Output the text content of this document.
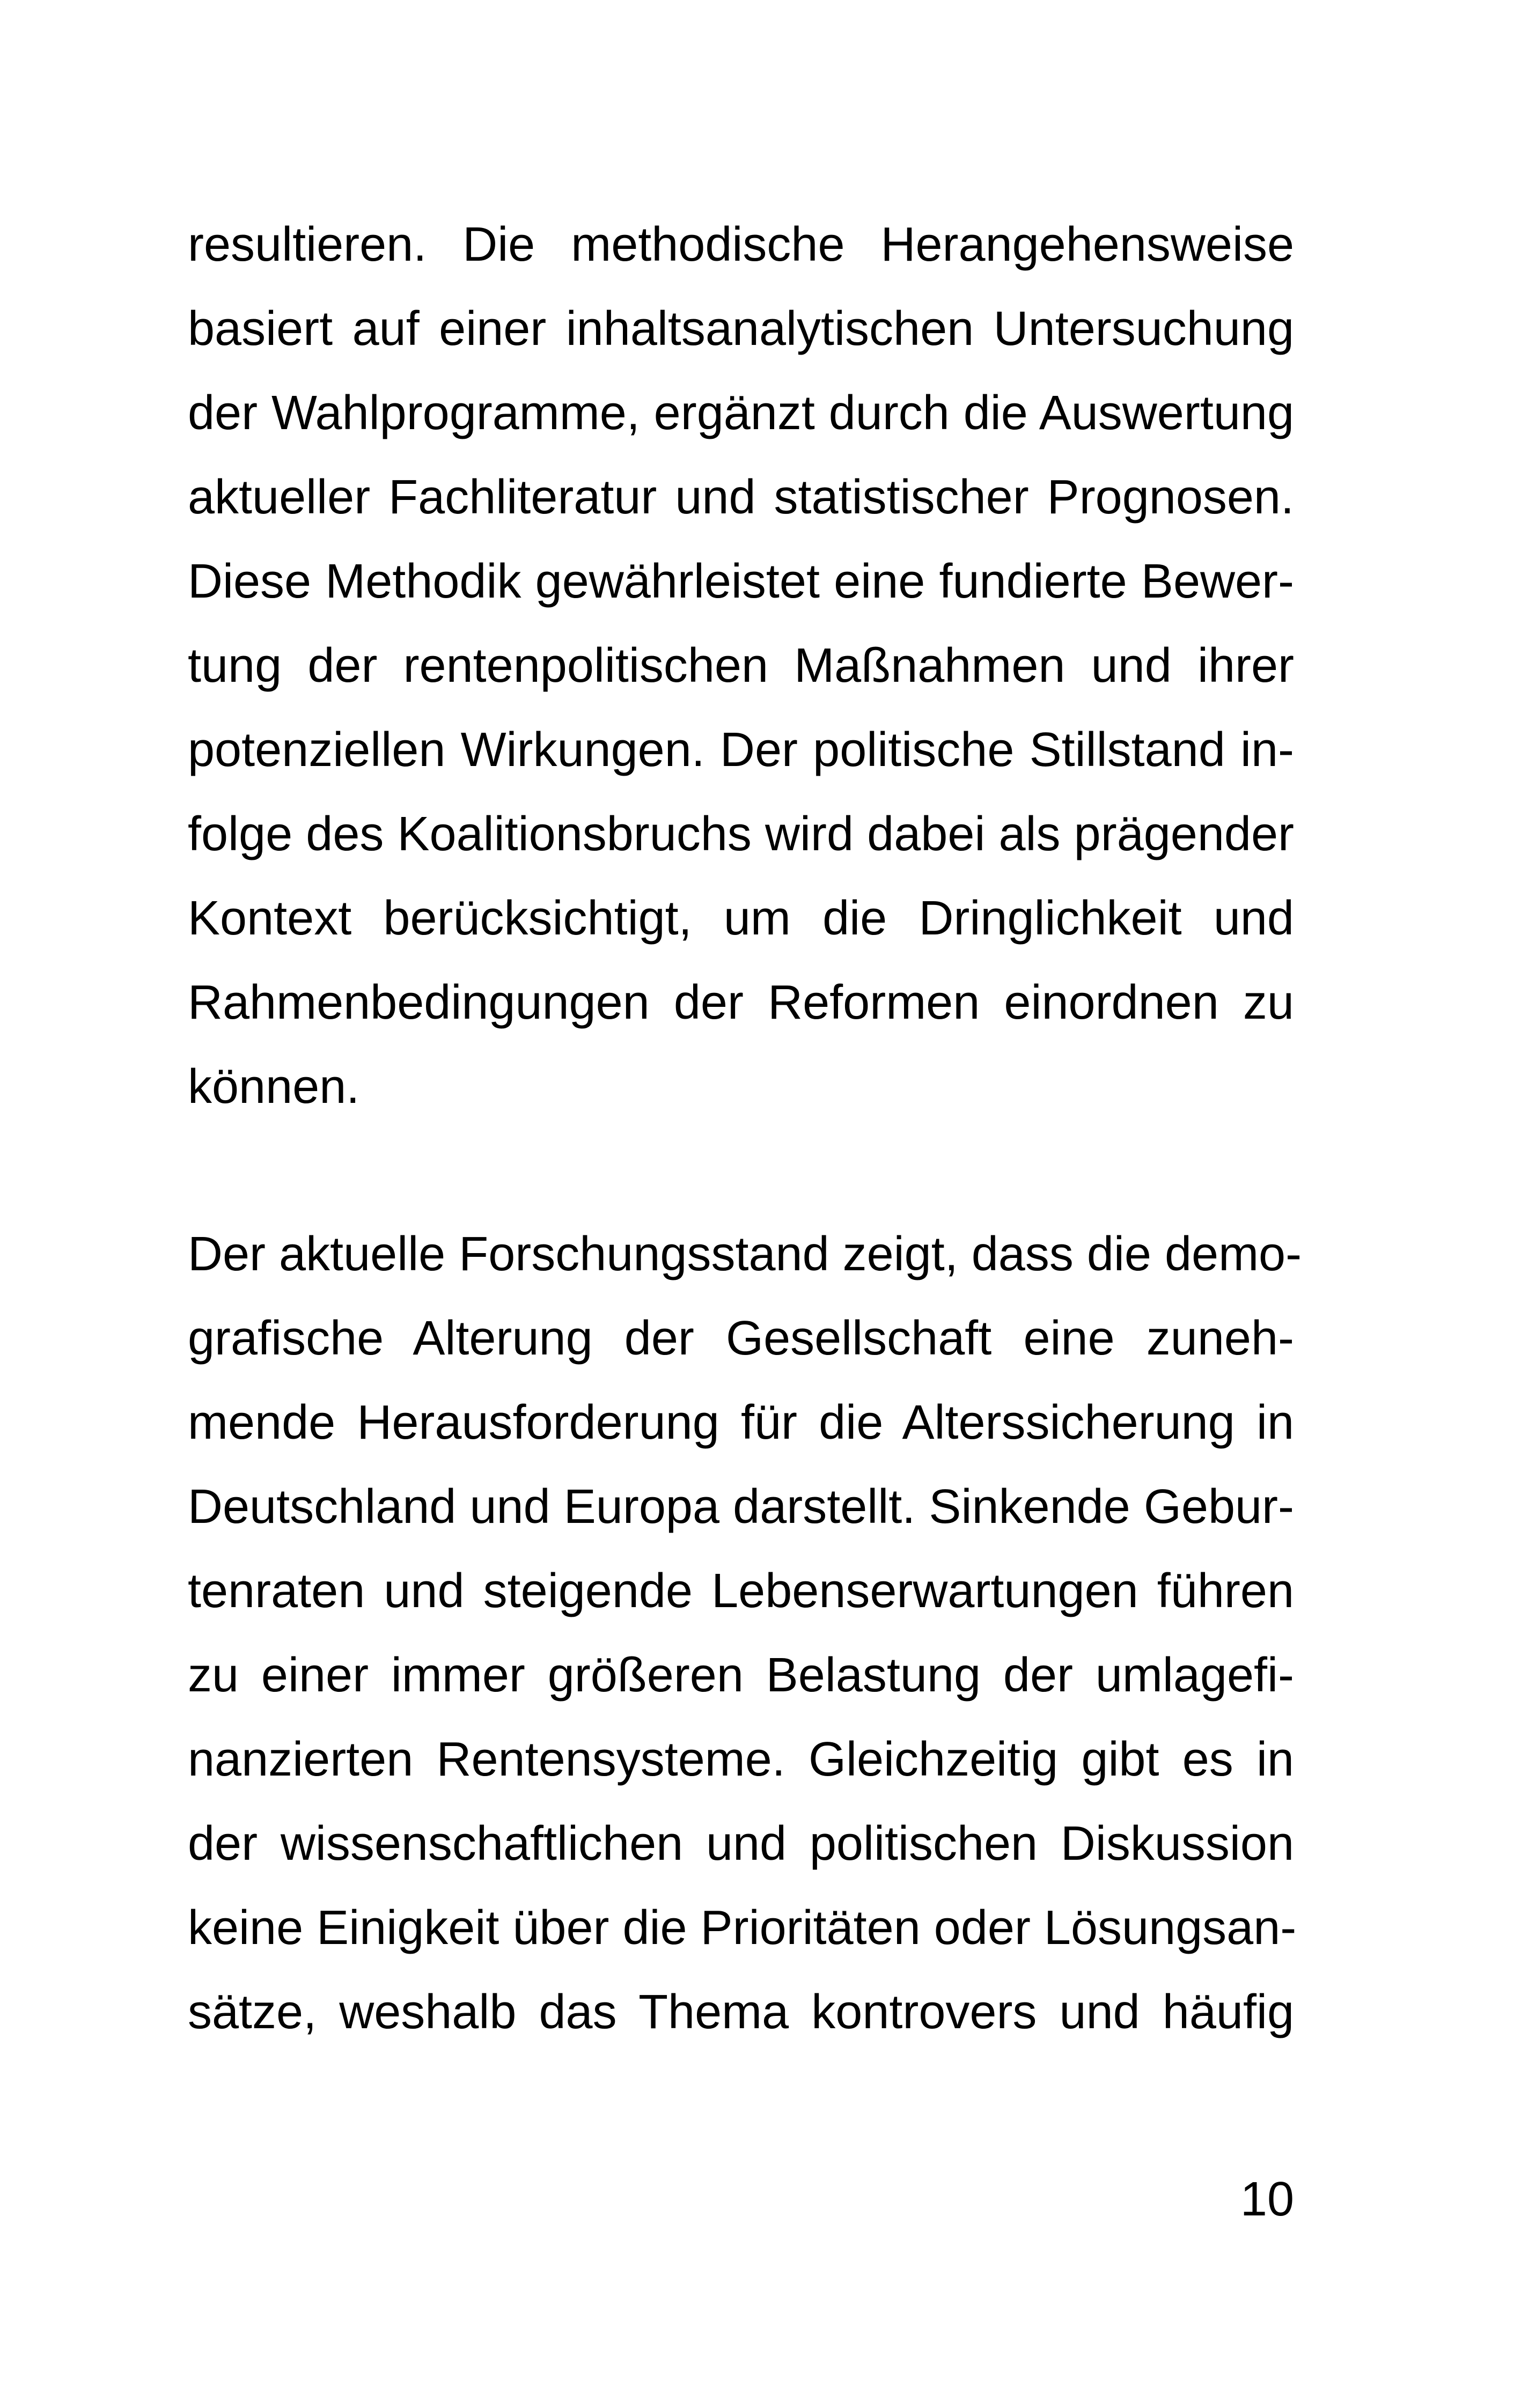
resultieren. Die methodische Herangehensweise
basiert auf einer inhaltsanalytischen Untersuchung
der Wahlprogramme, ergänzt durch die Auswertung
aktueller Fachliteratur und statistischer Prognosen.
Diese Methodik gewährleistet eine fundierte Bewer-
tung der rentenpolitischen Maßnahmen und ihrer
potenziellen Wirkungen. Der politische Stillstand in-
folge des Koalitionsbruchs wird dabei als prägender
Kontext berücksichtigt, um die Dringlichkeit und
Rahmenbedingungen der Reformen einordnen zu
können.
Der aktuelle Forschungsstand zeigt, dass die demo-
grafische Alterung der Gesellschaft eine zuneh-
mende Herausforderung für die Alterssicherung in
Deutschland und Europa darstellt. Sinkende Gebur-
tenraten und steigende Lebenserwartungen führen
zu einer immer größeren Belastung der umlagefi-
nanzierten Rentensysteme. Gleichzeitig gibt es in
der wissenschaftlichen und politischen Diskussion
keine Einigkeit über die Prioritäten oder Lösungsan-
sätze, weshalb das Thema kontrovers und häufig
10
